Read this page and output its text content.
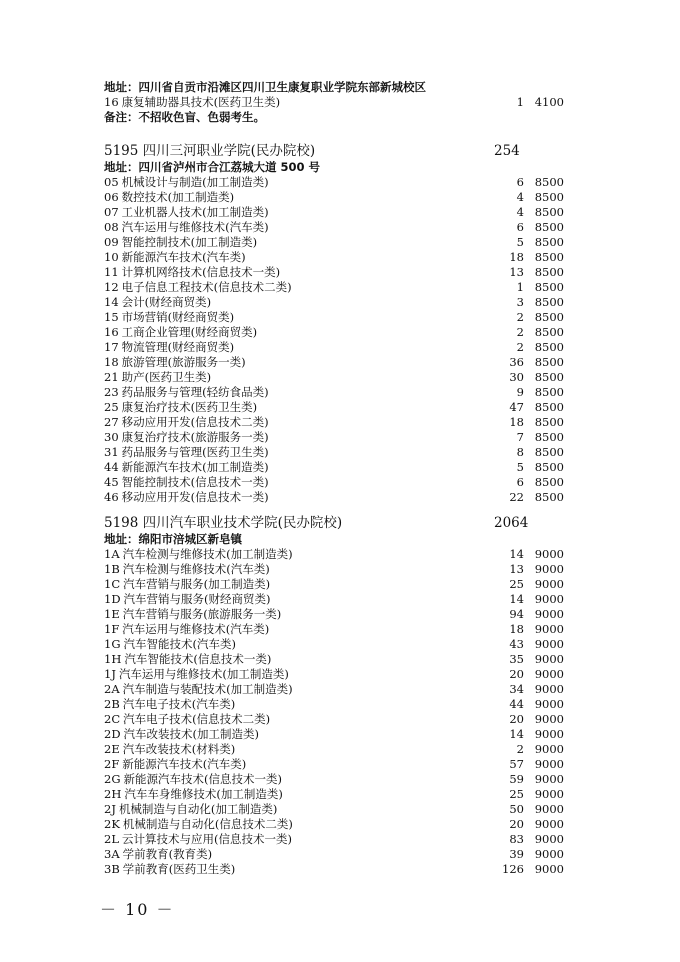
地址：四川省自贡市沿滩区四川卫生康复职业学院东部新城校区
16 康复辅助器具技术(医药卫生类)	1 4100
备注：不招收色盲、色弱考生。
5195 四川三河职业学院(民办院校)	254
地址：四川省泸州市合江荔城大道 500 号
05 机械设计与制造(加工制造类)	6 8500
06 数控技术(加工制造类)	4 8500
07 工业机器人技术(加工制造类)	4 8500
08 汽车运用与维修技术(汽车类)	6 8500
09 智能控制技术(加工制造类)	5 8500
10 新能源汽车技术(汽车类)	18 8500
11 计算机网络技术(信息技术一类)	13 8500
12 电子信息工程技术(信息技术二类)	1 8500
14 会计(财经商贸类)	3 8500
15 市场营销(财经商贸类)	2 8500
16 工商企业管理(财经商贸类)	2 8500
17 物流管理(财经商贸类)	2 8500
18 旅游管理(旅游服务一类)	36 8500
21 助产(医药卫生类)	30 8500
23 药品服务与管理(轻纺食品类)	9 8500
25 康复治疗技术(医药卫生类)	47 8500
27 移动应用开发(信息技术二类)	18 8500
30 康复治疗技术(旅游服务一类)	7 8500
31 药品服务与管理(医药卫生类)	8 8500
44 新能源汽车技术(加工制造类)	5 8500
45 智能控制技术(信息技术一类)	6 8500
46 移动应用开发(信息技术一类)	22 8500
5198 四川汽车职业技术学院(民办院校)	2064
地址：绵阳市涪城区新皂镇
1A 汽车检测与维修技术(加工制造类)	14 9000
1B 汽车检测与维修技术(汽车类)	13 9000
1C 汽车营销与服务(加工制造类)	25 9000
1D 汽车营销与服务(财经商贸类)	14 9000
1E 汽车营销与服务(旅游服务一类)	94 9000
1F 汽车运用与维修技术(汽车类)	18 9000
1G 汽车智能技术(汽车类)	43 9000
1H 汽车智能技术(信息技术一类)	35 9000
1J 汽车运用与维修技术(加工制造类)	20 9000
2A 汽车制造与装配技术(加工制造类)	34 9000
2B 汽车电子技术(汽车类)	44 9000
2C 汽车电子技术(信息技术二类)	20 9000
2D 汽车改装技术(加工制造类)	14 9000
2E 汽车改装技术(材料类)	2 9000
2F 新能源汽车技术(汽车类)	57 9000
2G 新能源汽车技术(信息技术一类)	59 9000
2H 汽车车身维修技术(加工制造类)	25 9000
2J 机械制造与自动化(加工制造类)	50 9000
2K 机械制造与自动化(信息技术二类)	20 9000
2L 云计算技术与应用(信息技术一类)	83 9000
3A 学前教育(教育类)	39 9000
3B 学前教育(医药卫生类)	126 9000
－ 10 －
